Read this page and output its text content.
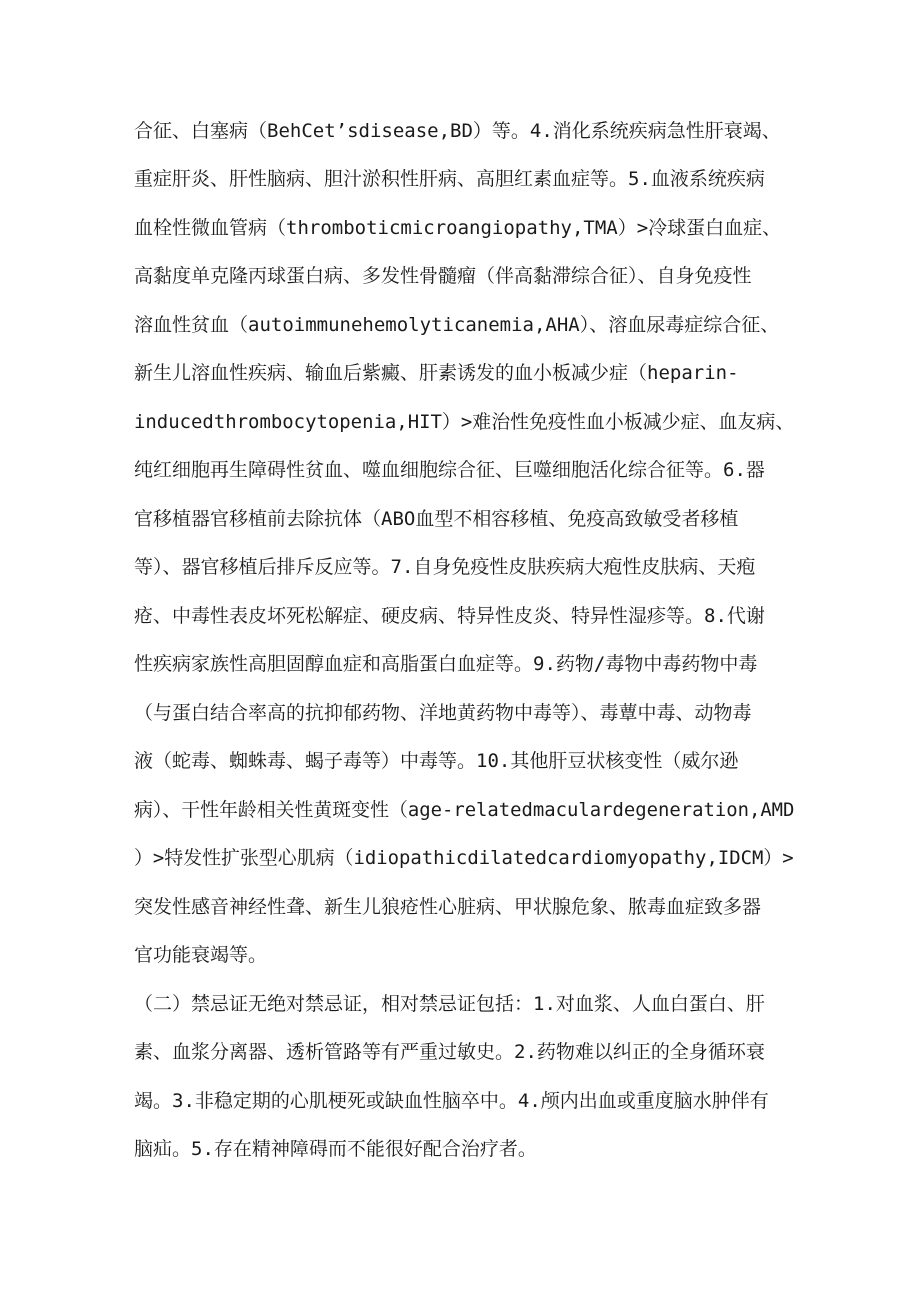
合征、白塞病（BehCet’sdisease,BD）等。4.消化系统疾病急性肝衰竭、
重症肝炎、肝性脑病、胆汁淤积性肝病、高胆红素血症等。5.血液系统疾病
血栓性微血管病（thromboticmicroangiopathy,TMA）>冷球蛋白血症、
高黏度单克隆丙球蛋白病、多发性骨髓瘤（伴高黏滞综合征）、自身免疫性
溶血性贫血（autoimmunehemolyticanemia,AHA）、溶血尿毒症综合征、
新生儿溶血性疾病、输血后紫癜、肝素诱发的血小板减少症（heparin-
inducedthrombocytopenia,HIT）>难治性免疫性血小板减少症、血友病、
纯红细胞再生障碍性贫血、噬血细胞综合征、巨噬细胞活化综合征等。6.器
官移植器官移植前去除抗体（ABO血型不相容移植、免疫高致敏受者移植
等）、器官移植后排斥反应等。7.自身免疫性皮肤疾病大疱性皮肤病、天疱
疮、中毒性表皮坏死松解症、硬皮病、特异性皮炎、特异性湿疹等。8.代谢
性疾病家族性高胆固醇血症和高脂蛋白血症等。9.药物/毒物中毒药物中毒
（与蛋白结合率高的抗抑郁药物、洋地黄药物中毒等）、毒蕈中毒、动物毒
液（蛇毒、蜘蛛毒、蝎子毒等）中毒等。10.其他肝豆状核变性（威尔逊
病）、干性年龄相关性黄斑变性（age-relatedmaculardegeneration,AMD
）>特发性扩张型心肌病（idiopathicdilatedcardiomyopathy,IDCM）>
突发性感音神经性聋、新生儿狼疮性心脏病、甲状腺危象、脓毒血症致多器
官功能衰竭等。
（二）禁忌证无绝对禁忌证，相对禁忌证包括：1.对血浆、人血白蛋白、肝
素、血浆分离器、透析管路等有严重过敏史。2.药物难以纠正的全身循环衰
竭。3.非稳定期的心肌梗死或缺血性脑卒中。4.颅内出血或重度脑水肿伴有
脑疝。5.存在精神障碍而不能很好配合治疗者。
